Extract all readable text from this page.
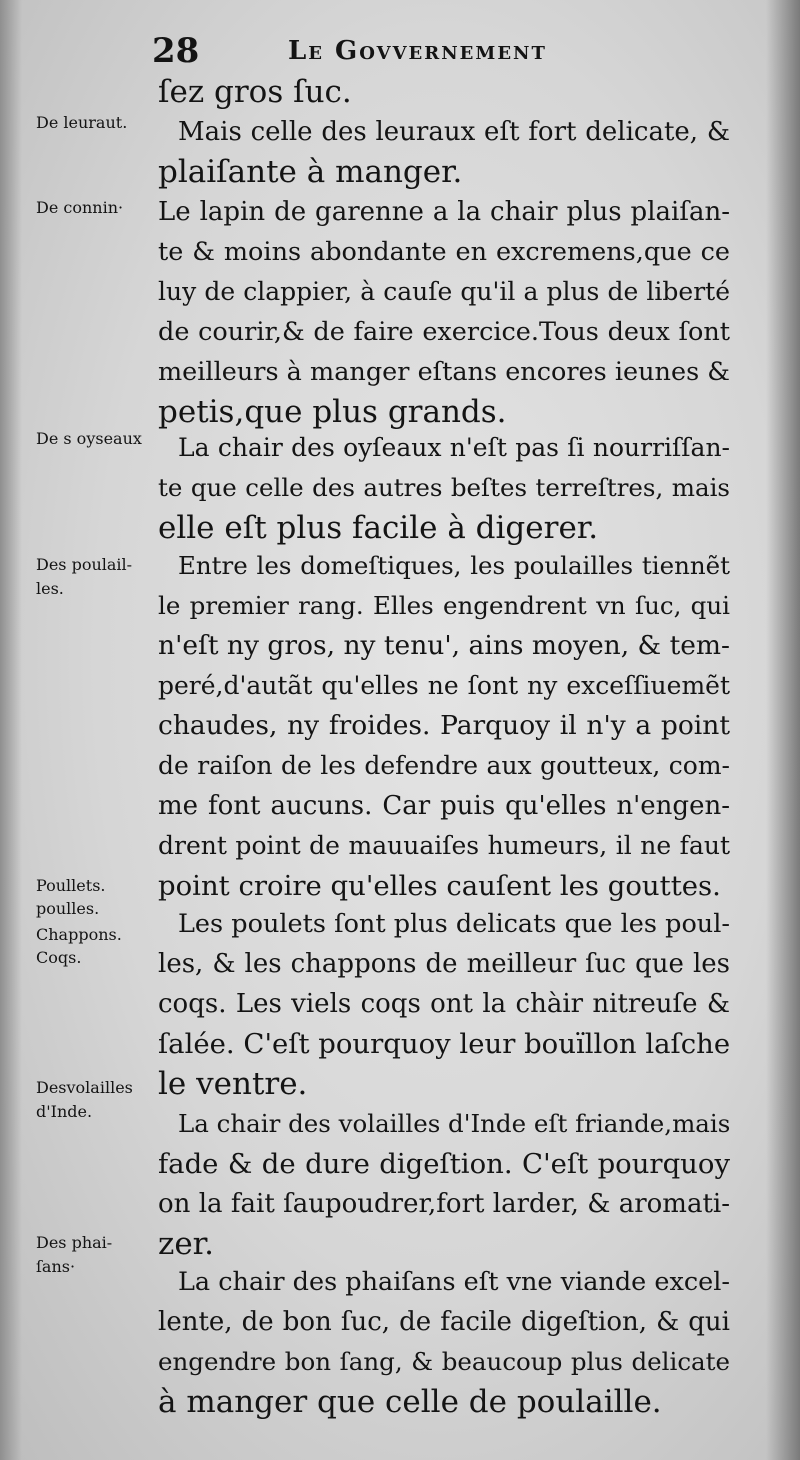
28	Le Govvernement
De leuraut.
De connin·
De s oyseaux
Des poulail-
les.
Poullets.
poulles.
Chappons.
Coqs.
Desvolailles
d'Inde.
Des phai-
ſans·
ſez gros ſuc.
Mais celle des leuraux eſt fort delicate, &
plaiſante à manger.
Le lapin de garenne a la chair plus plaiſan-
te & moins abondante en excremens,que ce
luy de clappier, à cauſe qu'il a plus de liberté
de courir,& de faire exercice.Tous deux ſont
meilleurs à manger eſtans encores ieunes &
petis,que plus grands.
La chair des oyſeaux n'eſt pas ſi nourriſſan-
te que celle des autres beſtes terreſtres, mais
elle eſt plus facile à digerer.
Entre les domeſtiques, les poulailles tiennẽt
le premier rang. Elles engendrent vn ſuc, qui
n'eſt ny gros, ny tenu', ains moyen, & tem-
peré,d'autãt qu'elles ne ſont ny exceſſiuemẽt
chaudes, ny froides. Parquoy il n'y a point
de raiſon de les defendre aux goutteux, com-
me font aucuns. Car puis qu'elles n'engen-
drent point de mauuaiſes humeurs, il ne faut
point croire qu'elles cauſent les gouttes.
Les poulets ſont plus delicats que les poul-
les, & les chappons de meilleur ſuc que les
coqs. Les viels coqs ont la chàir nitreuſe &
ſalée. C'eſt pourquoy leur bouïllon laſche
le ventre.
La chair des volailles d'Inde eſt friande,mais
fade & de dure digeſtion. C'eſt pourquoy
on la fait ſaupoudrer,fort larder, & aromati-
zer.
La chair des phaiſans eſt vne viande excel-
lente, de bon ſuc, de facile digeſtion, & qui
engendre bon ſang, & beaucoup plus delicate
à manger que celle de poulaille.
